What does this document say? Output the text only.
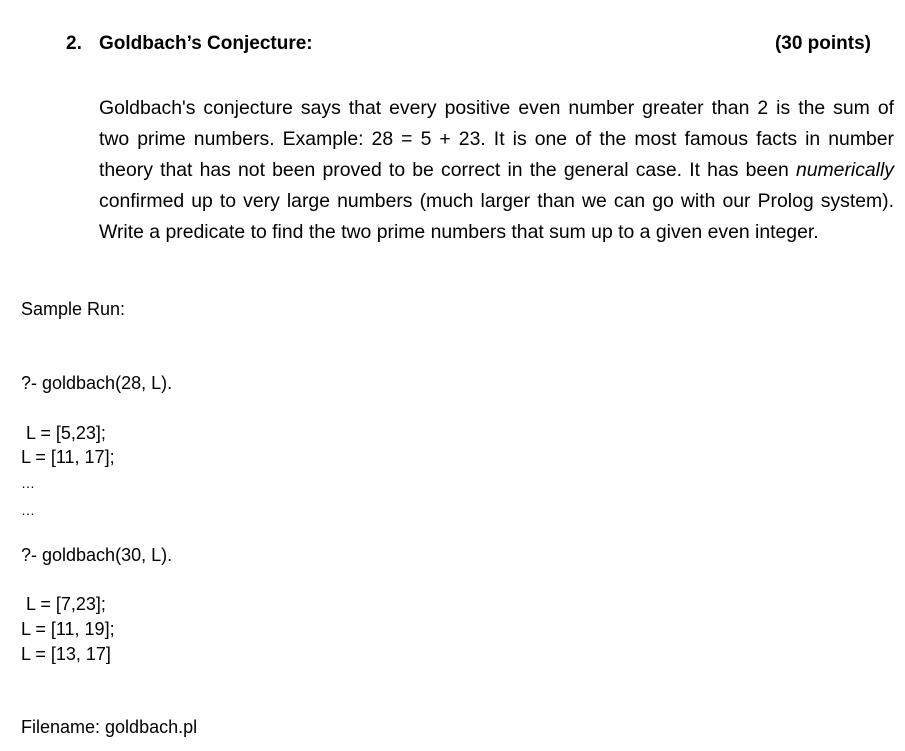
2. Goldbach’s Conjecture:	(30 points)
Goldbach's conjecture says that every positive even number greater than 2 is the sum of
two prime numbers. Example: 28 = 5 + 23. It is one of the most famous facts in number
theory that has not been proved to be correct in the general case. It has been numerically
confirmed up to very large numbers (much larger than we can go with our Prolog system).
Write a predicate to find the two prime numbers that sum up to a given even integer.
Sample Run:
?- goldbach(28, L).
L = [5,23];
L = [11, 17];
…
…
?- goldbach(30, L).
L = [7,23];
L = [11, 19];
L = [13, 17]
Filename: goldbach.pl
